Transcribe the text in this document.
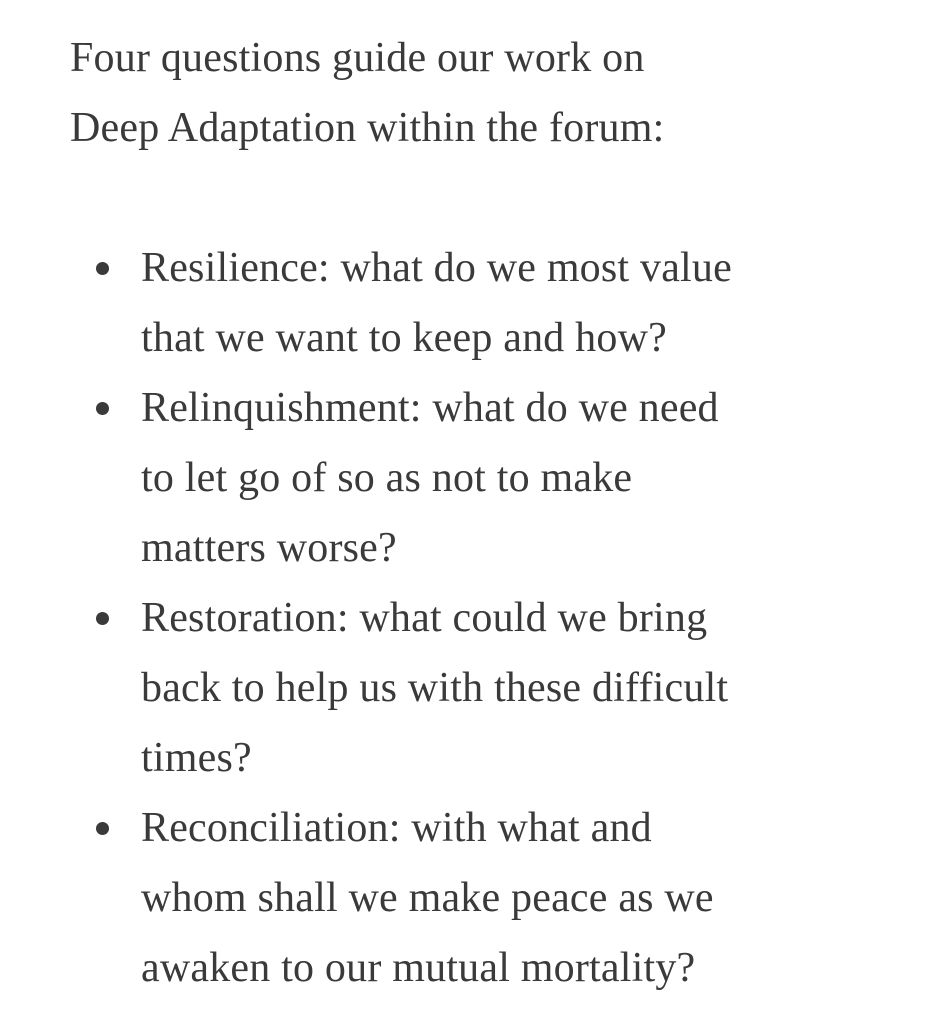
Four questions guide our work on
Deep Adaptation within the forum:

Resilience: what do we most value
that we want to keep and how?
Relinquishment: what do we need
to let go of so as not to make
matters worse?
Restoration: what could we bring
back to help us with these difficult
times?
Reconciliation: with what and
whom shall we make peace as we
awaken to our mutual mortality?
